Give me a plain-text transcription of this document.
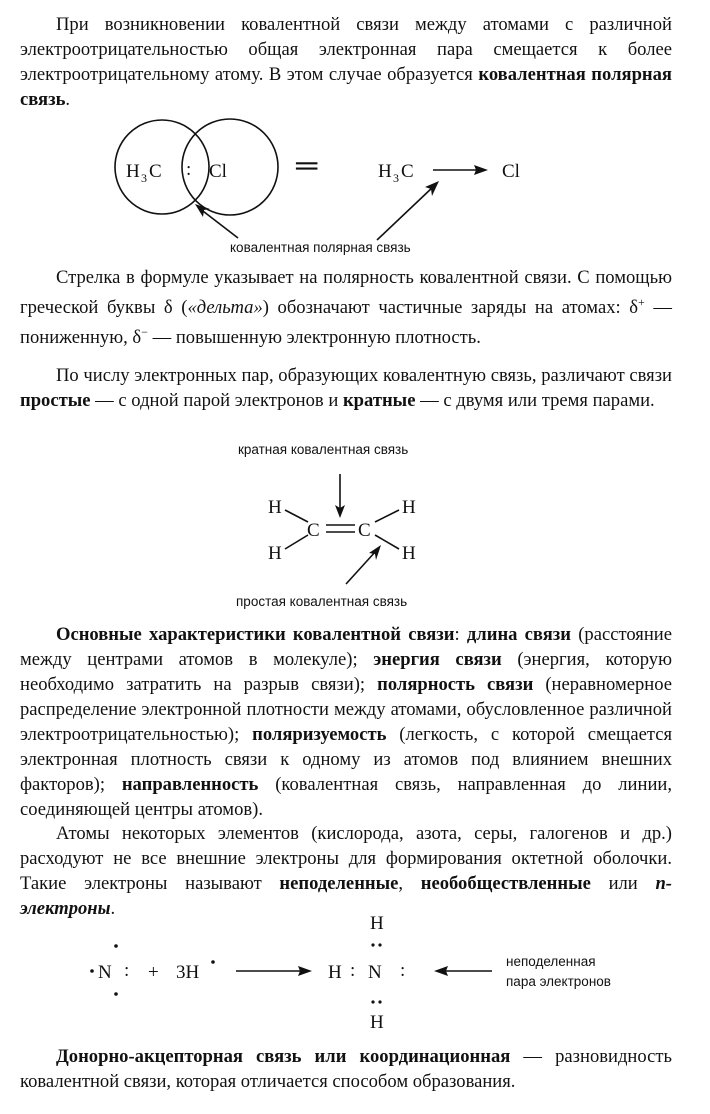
При возникновении ковалентной связи между атомами с различной электроотрицательностью общая электронная пара смещается к более электроотрицательному атому. В этом случае образуется ковалентная полярная связь.

H 3 C : Cl ═	H 3 C	Cl
ковалентная полярная связь

Стрелка в формуле указывает на полярность ковалентной связи. С помощью греческой буквы δ («дельта») обозначают частичные заряды на атомах: δ+ — пониженную, δ− — повышенную электронную плотность.

По числу электронных пар, образующих ковалентную связь, различают связи простые — с одной парой электронов и кратные — с двумя или тремя парами.

кратная ковалентная связь
H
H
C C
H
H
простая ковалентная связь

Основные характеристики ковалентной связи: длина связи (расстояние между центрами атомов в молекуле); энергия связи (энергия, которую необходимо затратить на разрыв связи); полярность связи (неравномерное распределение электронной плотности между атомами, обусловленное различной электроотрицательностью); поляризуемость (легкость, с которой смещается электронная плотность связи к одному из атомов под влиянием внешних факторов); направленность (ковалентная связь, направленная до линии, соединяющей центры атомов).

Атомы некоторых элементов (кислорода, азота, серы, галогенов и др.) расходуют не все внешние электроны для формирования октетной оболочки. Такие электроны называют неподеленные, необобществленные или n-электроны.

N : + 3H
H
H : N :
H
неподеленная
пара электронов

Донорно-акцепторная связь или координационная — разновидность ковалентной связи, которая отличается способом образования.
